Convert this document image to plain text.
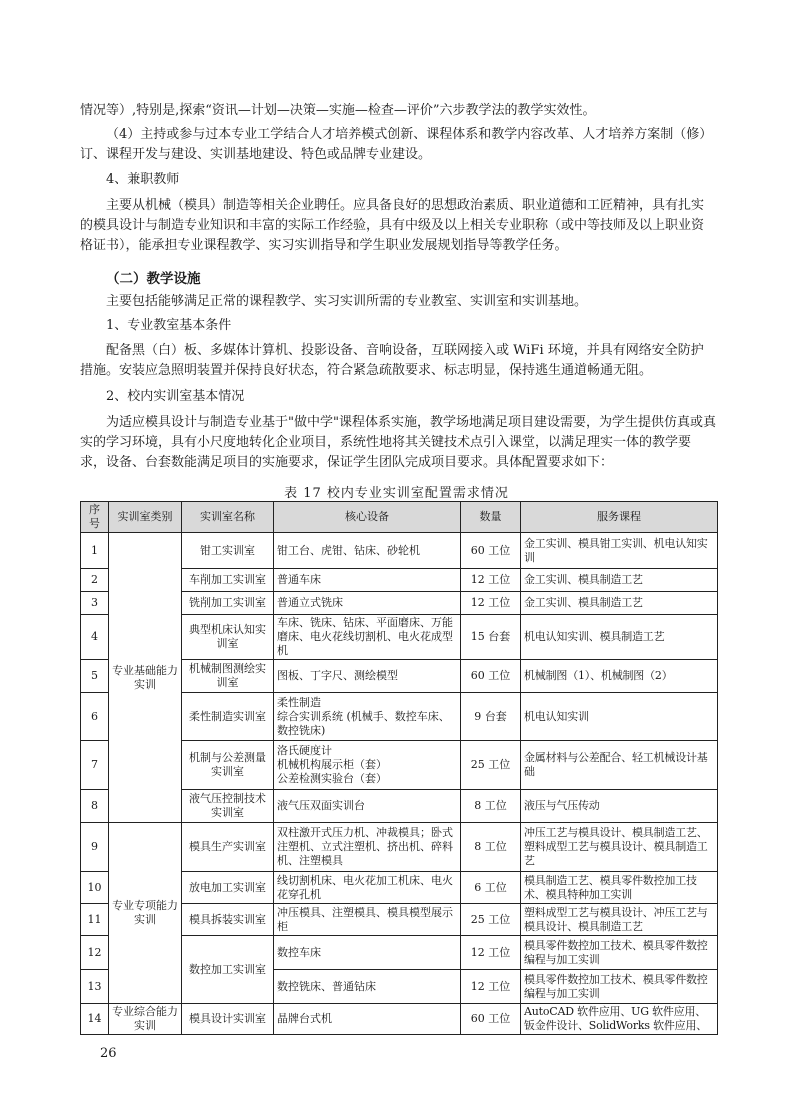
情况等）,特别是,探索“资讯—计划—决策—实施—检查—评价”六步教学法的教学实效性。

（4）主持或参与过本专业工学结合人才培养模式创新、课程体系和教学内容改革、人才培养方案制（修）订、课程开发与建设、实训基地建设、特色或品牌专业建设。

4、兼职教师

主要从机械（模具）制造等相关企业聘任。应具备良好的思想政治素质、职业道德和工匠精神，具有扎实的模具设计与制造专业知识和丰富的实际工作经验，具有中级及以上相关专业职称（或中等技师及以上职业资格证书），能承担专业课程教学、实习实训指导和学生职业发展规划指导等教学任务。

（二）教学设施

主要包括能够满足正常的课程教学、实习实训所需的专业教室、实训室和实训基地。

1、专业教室基本条件

配备黑（白）板、多媒体计算机、投影设备、音响设备，互联网接入或 WiFi 环境，并具有网络安全防护措施。安装应急照明装置并保持良好状态，符合紧急疏散要求、标志明显，保持逃生通道畅通无阻。

2、校内实训室基本情况

为适应模具设计与制造专业基于"做中学"课程体系实施，教学场地满足项目建设需要，为学生提供仿真或真实的学习环境，具有小尺度地转化企业项目，系统性地将其关键技术点引入课堂，以满足理实一体的教学要求，设备、台套数能满足项目的实施要求，保证学生团队完成项目要求。具体配置要求如下：

表 17 校内专业实训室配置需求情况
序号	实训室类别	实训室名称	核心设备	数量	服务课程
1	专业基础能力实训	钳工实训室	钳工台、虎钳、钻床、砂轮机	60 工位	金工实训、模具钳工实训、机电认知实训
2		车削加工实训室	普通车床	12 工位	金工实训、模具制造工艺
3		铣削加工实训室	普通立式铣床	12 工位	金工实训、模具制造工艺
4		典型机床认知实训室	车床、铣床、钻床、平面磨床、万能磨床、电火花线切割机、电火花成型机	15 台套	机电认知实训、模具制造工艺
5		机械制图测绘实训室	图板、丁字尺、测绘模型	60 工位	机械制图（1）、机械制图（2）
6		柔性制造实训室	柔性制造
综合实训系统 (机械手、数控车床、数控铣床)	9 台套	机电认知实训
7		机制与公差测量实训室	洛氏硬度计
机械机构展示柜（套）
公差检测实验台（套）	25 工位	金属材料与公差配合、轻工机械设计基础
8		液气压控制技术实训室	液气压双面实训台	8 工位	液压与气压传动
9	专业专项能力实训	模具生产实训室	双柱激开式压力机、冲裁模具；卧式注塑机、立式注塑机、挤出机、碎料机、注塑模具	8 工位	冲压工艺与模具设计、模具制造工艺、塑料成型工艺与模具设计、模具制造工艺
10		放电加工实训室	线切割机床、电火花加工机床、电火花穿孔机	6 工位	模具制造工艺、模具零件数控加工技术、模具特种加工实训
11		模具拆装实训室	冲压模具、注塑模具、模具模型展示柜	25 工位	塑料成型工艺与模具设计、冲压工艺与模具设计、模具制造工艺
12		数控加工实训室	数控车床	12 工位	模具零件数控加工技术、模具零件数控编程与加工实训
13			数控铣床、普通钻床	12 工位	模具零件数控加工技术、模具零件数控编程与加工实训
14	专业综合能力实训	模具设计实训室	晶牌台式机	60 工位	AutoCAD 软件应用、UG 软件应用、钣金件设计、SolidWorks 软件应用、
26
